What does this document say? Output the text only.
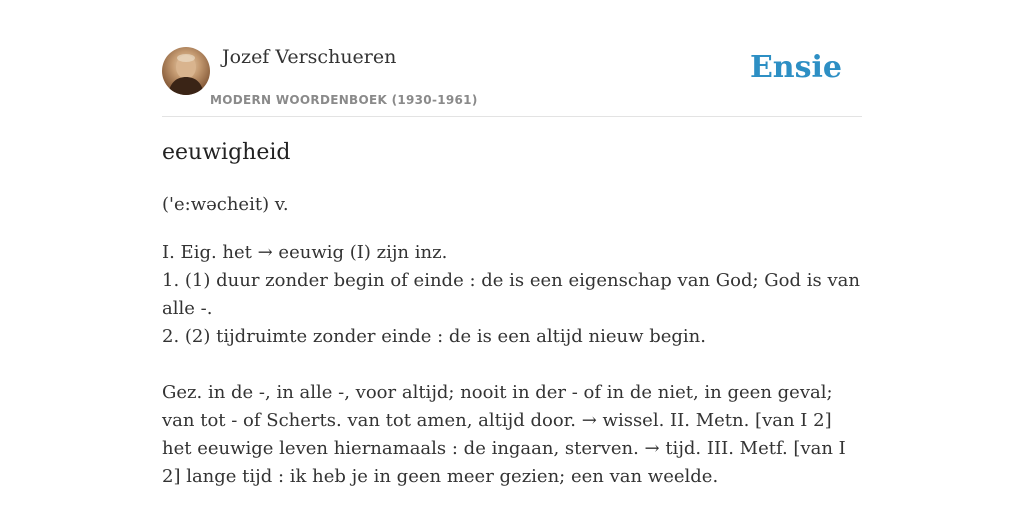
Jozef Verschueren
MODERN WOORDENBOEK (1930-1961)
Ensie
eeuwigheid
('e:wəcheit) v.

I. Eig. het → eeuwig (I) zijn inz.

1. (1) duur zonder begin of einde : de is een eigenschap van God; God is van alle -.

2. (2) tijdruimte zonder einde : de is een altijd nieuw begin.

Gez. in de -, in alle -, voor altijd; nooit in der - of in de niet, in geen geval; van tot - of Scherts. van tot amen, altijd door. → wissel. II. Metn. [van I 2] het eeuwige leven hiernamaals : de ingaan, sterven. → tijd. III. Metf. [van I 2] lange tijd : ik heb je in geen meer gezien; een van weelde.
